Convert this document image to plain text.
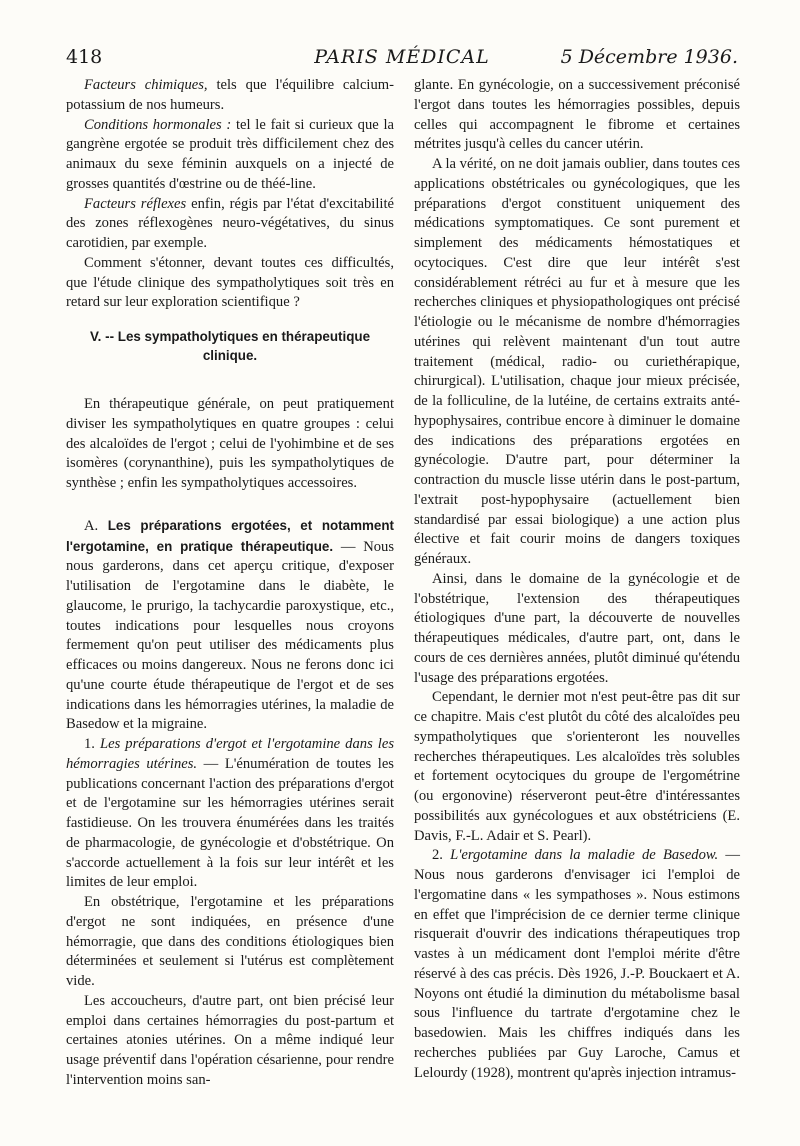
418	PARIS MÉDICAL	5 Décembre 1936.

Facteurs chimiques, tels que l'équilibre calcium-potassium de nos humeurs.

Conditions hormonales : tel le fait si curieux que la gangrène ergotée se produit très difficilement chez des animaux du sexe féminin auxquels on a injecté de grosses quantités d'œstrine ou de théé-line.

Facteurs réflexes enfin, régis par l'état d'excitabilité des zones réflexogènes neuro-végétatives, du sinus carotidien, par exemple.

Comment s'étonner, devant toutes ces difficultés, que l'étude clinique des sympatholytiques soit très en retard sur leur exploration scientifique ?

V. -- Les sympatholytiques en thérapeutique clinique.

En thérapeutique générale, on peut pratiquement diviser les sympatholytiques en quatre groupes : celui des alcaloïdes de l'ergot ; celui de l'yohimbine et de ses isomères (corynanthine), puis les sympatholytiques de synthèse ; enfin les sympatholytiques accessoires.

A. Les préparations ergotées, et notamment l'ergotamine, en pratique thérapeutique. — Nous nous garderons, dans cet aperçu critique, d'exposer l'utilisation de l'ergotamine dans le diabète, le glaucome, le prurigo, la tachycardie paroxystique, etc., toutes indications pour lesquelles nous croyons fermement qu'on peut utiliser des médicaments plus efficaces ou moins dangereux. Nous ne ferons donc ici qu'une courte étude thérapeutique de l'ergot et de ses indications dans les hémorragies utérines, la maladie de Basedow et la migraine.

1. Les préparations d'ergot et l'ergotamine dans les hémorragies utérines. — L'énumération de toutes les publications concernant l'action des préparations d'ergot et de l'ergotamine sur les hémorragies utérines serait fastidieuse. On les trouvera énumérées dans les traités de pharmacologie, de gynécologie et d'obstétrique. On s'accorde actuellement à la fois sur leur intérêt et les limites de leur emploi.

En obstétrique, l'ergotamine et les préparations d'ergot ne sont indiquées, en présence d'une hémorragie, que dans des conditions étiologiques bien déterminées et seulement si l'utérus est complètement vide.

Les accoucheurs, d'autre part, ont bien précisé leur emploi dans certaines hémorragies du post-partum et certaines atonies utérines. On a même indiqué leur usage préventif dans l'opération césarienne, pour rendre l'intervention moins san-

glante. En gynécologie, on a successivement préconisé l'ergot dans toutes les hémorragies possibles, depuis celles qui accompagnent le fibrome et certaines métrites jusqu'à celles du cancer utérin.

A la vérité, on ne doit jamais oublier, dans toutes ces applications obstétricales ou gynécologiques, que les préparations d'ergot constituent uniquement des médications symptomatiques. Ce sont purement et simplement des médicaments hémostatiques et ocytociques. C'est dire que leur intérêt s'est considérablement rétréci au fur et à mesure que les recherches cliniques et physiopathologiques ont précisé l'étiologie ou le mécanisme de nombre d'hémorragies utérines qui relèvent maintenant d'un tout autre traitement (médical, radio- ou curiethérapique, chirurgical). L'utilisation, chaque jour mieux précisée, de la folliculine, de la lutéine, de certains extraits anté-hypophysaires, contribue encore à diminuer le domaine des indications des préparations ergotées en gynécologie. D'autre part, pour déterminer la contraction du muscle lisse utérin dans le post-partum, l'extrait post-hypophysaire (actuellement bien standardisé par essai biologique) a une action plus élective et fait courir moins de dangers toxiques généraux.

Ainsi, dans le domaine de la gynécologie et de l'obstétrique, l'extension des thérapeutiques étiologiques d'une part, la découverte de nouvelles thérapeutiques médicales, d'autre part, ont, dans le cours de ces dernières années, plutôt diminué qu'étendu l'usage des préparations ergotées.

Cependant, le dernier mot n'est peut-être pas dit sur ce chapitre. Mais c'est plutôt du côté des alcaloïdes peu sympatholytiques que s'orienteront les nouvelles recherches thérapeutiques. Les alcaloïdes très solubles et fortement ocytociques du groupe de l'ergométrine (ou ergonovine) réserveront peut-être d'intéressantes possibilités aux gynécologues et aux obstétriciens (E. Davis, F.-L. Adair et S. Pearl).

2. L'ergotamine dans la maladie de Basedow. — Nous nous garderons d'envisager ici l'emploi de l'ergomatine dans « les sympathoses ». Nous estimons en effet que l'imprécision de ce dernier terme clinique risquerait d'ouvrir des indications thérapeutiques trop vastes à un médicament dont l'emploi mérite d'être réservé à des cas précis. Dès 1926, J.-P. Bouckaert et A. Noyons ont étudié la diminution du métabolisme basal sous l'influence du tartrate d'ergotamine chez le basedowien. Mais les chiffres indiqués dans les recherches publiées par Guy Laroche, Camus et Lelourdy (1928), montrent qu'après injection intramus-
